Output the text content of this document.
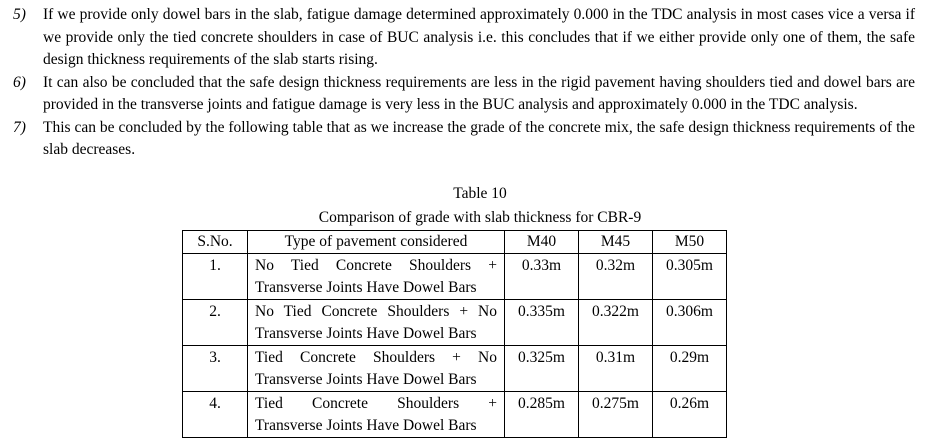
5) If we provide only dowel bars in the slab, fatigue damage determined approximately 0.000 in the TDC analysis in most cases vice a versa if we provide only the tied concrete shoulders in case of BUC analysis i.e. this concludes that if we either provide only one of them, the safe design thickness requirements of the slab starts rising.
6) It can also be concluded that the safe design thickness requirements are less in the rigid pavement having shoulders tied and dowel bars are provided in the transverse joints and fatigue damage is very less in the BUC analysis and approximately 0.000 in the TDC analysis.
7) This can be concluded by the following table that as we increase the grade of the concrete mix, the safe design thickness requirements of the slab decreases.
Table 10
Comparison of grade with slab thickness for CBR-9
S.No.	Type of pavement considered	M40	M45	M50
1.	No Tied Concrete Shoulders +
Transverse Joints Have Dowel Bars	0.33m	0.32m	0.305m
2.	No Tied Concrete Shoulders + No
Transverse Joints Have Dowel Bars	0.335m	0.322m	0.306m
3.	Tied Concrete Shoulders + No
Transverse Joints Have Dowel Bars	0.325m	0.31m	0.29m
4.	Tied Concrete Shoulders +
Transverse Joints Have Dowel Bars	0.285m	0.275m	0.26m
